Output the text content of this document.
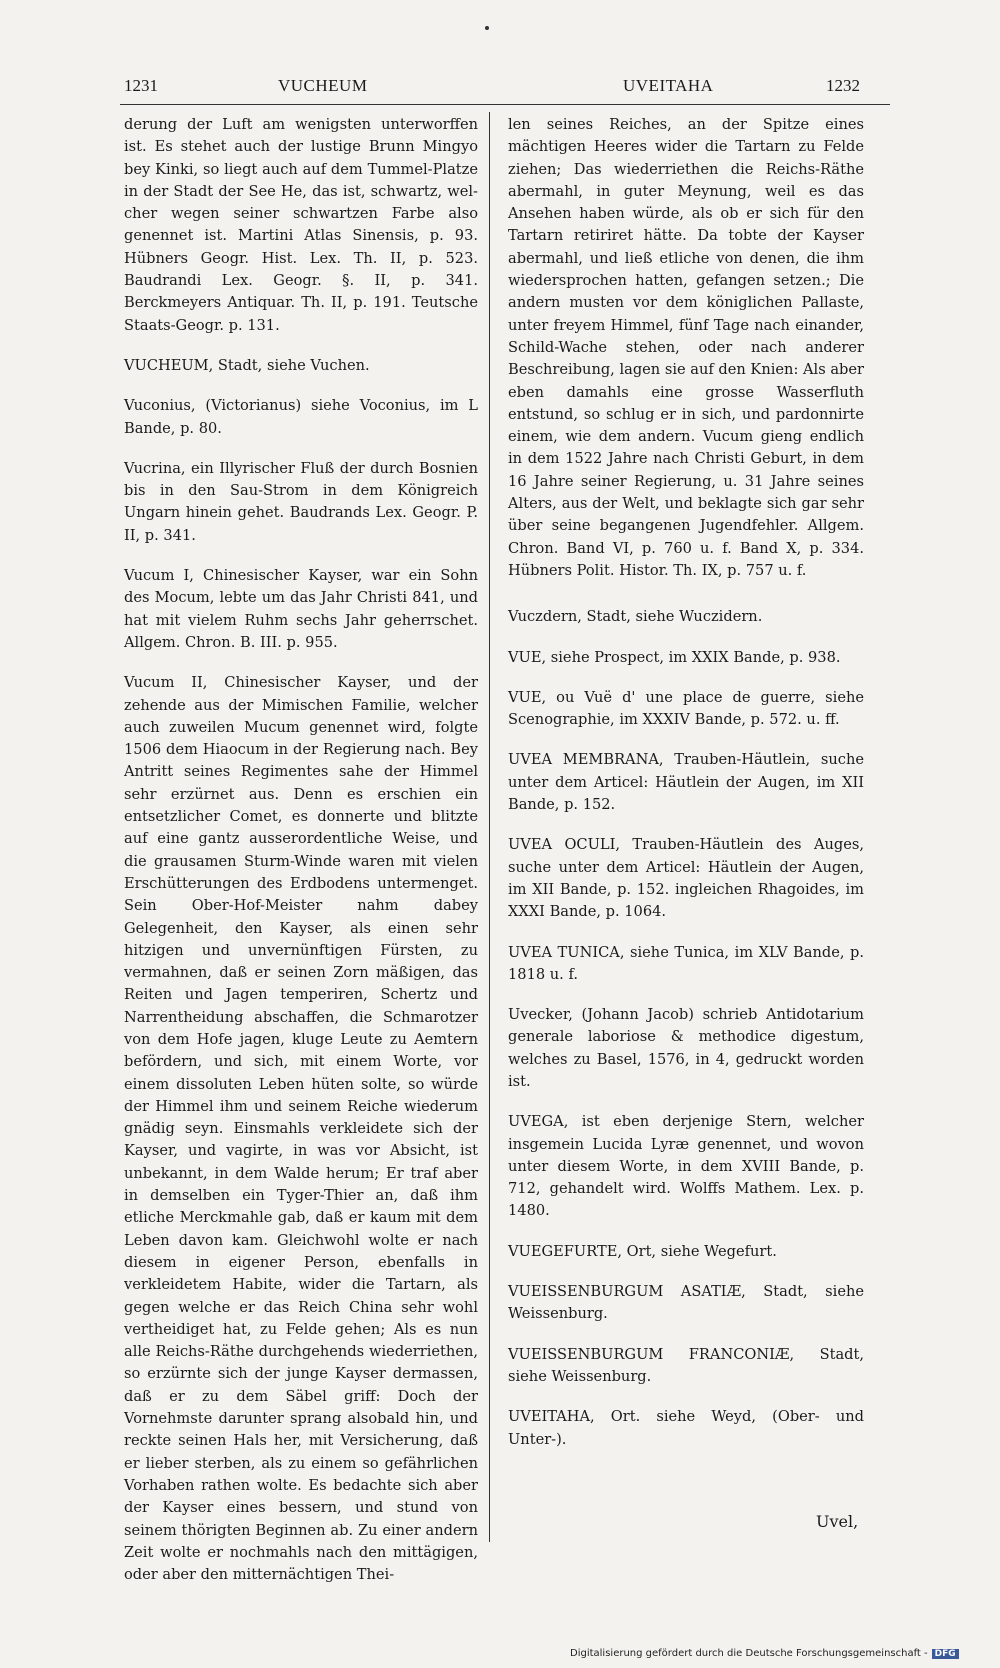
1231	VUCHEUM	UVEITAHA	1232

derung der Luft am wenigsten unterworffen ist. Es stehet auch der lustige Brunn Mingyo bey Kinki, so liegt auch auf dem Tummel-Platze in der Stadt der See He, das ist, schwartz, wel-cher wegen seiner schwartzen Farbe also genennet ist. Martini Atlas Sinensis, p. 93. Hübners Geogr. Hist. Lex. Th. II, p. 523. Baudrandi Lex. Geogr. §. II, p. 341. Berckmeyers Antiquar. Th. II, p. 191. Teutsche Staats-Geogr. p. 131.

VUCHEUM, Stadt, siehe Vuchen.

Vuconius, (Victorianus) siehe Voconius, im L Bande, p. 80.

Vucrina, ein Illyrischer Fluß der durch Bosnien bis in den Sau-Strom in dem Königreich Ungarn hinein gehet. Baudrands Lex. Geogr. P. II, p. 341.

Vucum I, Chinesischer Kayser, war ein Sohn des Mocum, lebte um das Jahr Christi 841, und hat mit vielem Ruhm sechs Jahr geherrschet. Allgem. Chron. B. III. p. 955.

Vucum II, Chinesischer Kayser, und der zehende aus der Mimischen Familie, welcher auch zuweilen Mucum genennet wird, folgte 1506 dem Hiaocum in der Regierung nach. Bey Antritt seines Regimentes sahe der Himmel sehr erzürnet aus. Denn es erschien ein entsetzlicher Comet, es donnerte und blitzte auf eine gantz ausserordentliche Weise, und die grausamen Sturm-Winde waren mit vielen Erschütterungen des Erdbodens untermenget. Sein Ober-Hof-Meister nahm dabey Gelegenheit, den Kayser, als einen sehr hitzigen und unvernünftigen Fürsten, zu vermahnen, daß er seinen Zorn mäßigen, das Reiten und Jagen temperiren, Schertz und Narrentheidung abschaffen, die Schmarotzer von dem Hofe jagen, kluge Leute zu Aemtern befördern, und sich, mit einem Worte, vor einem dissoluten Leben hüten solte, so würde der Himmel ihm und seinem Reiche wiederum gnädig seyn. Einsmahls verkleidete sich der Kayser, und vagirte, in was vor Absicht, ist unbekannt, in dem Walde herum; Er traf aber in demselben ein Tyger-Thier an, daß ihm etliche Merckmahle gab, daß er kaum mit dem Leben davon kam. Gleichwohl wolte er nach diesem in eigener Person, ebenfalls in verkleidetem Habite, wider die Tartarn, als gegen welche er das Reich China sehr wohl vertheidiget hat, zu Felde gehen; Als es nun alle Reichs-Räthe durchgehends wiederriethen, so erzürnte sich der junge Kayser dermassen, daß er zu dem Säbel griff: Doch der Vornehmste darunter sprang alsobald hin, und reckte seinen Hals her, mit Versicherung, daß er lieber sterben, als zu einem so gefährlichen Vorhaben rathen wolte. Es bedachte sich aber der Kayser eines bessern, und stund von seinem thörigten Beginnen ab. Zu einer andern Zeit wolte er nochmahls nach den mittägigen, oder aber den mitternächtigen Thei-

len seines Reiches, an der Spitze eines mächtigen Heeres wider die Tartarn zu Felde ziehen; Das wiederriethen die Reichs-Räthe abermahl, in guter Meynung, weil es das Ansehen haben würde, als ob er sich für den Tartarn retiriret hätte. Da tobte der Kayser abermahl, und ließ etliche von denen, die ihm wiedersprochen hatten, gefangen setzen.; Die andern musten vor dem königlichen Pallaste, unter freyem Himmel, fünf Tage nach einander, Schild-Wache stehen, oder nach anderer Beschreibung, lagen sie auf den Knien: Als aber eben damahls eine grosse Wasserfluth entstund, so schlug er in sich, und pardonnirte einem, wie dem andern. Vucum gieng endlich in dem 1522 Jahre nach Christi Geburt, in dem 16 Jahre seiner Regierung, u. 31 Jahre seines Alters, aus der Welt, und beklagte sich gar sehr über seine begangenen Jugendfehler. Allgem. Chron. Band VI, p. 760 u. f. Band X, p. 334. Hübners Polit. Histor. Th. IX, p. 757 u. f.

Vuczdern, Stadt, siehe Wuczidern.

VUE, siehe Prospect, im XXIX Bande, p. 938.

VUE, ou Vuë d' une place de guerre, siehe Scenographie, im XXXIV Bande, p. 572. u. ff.

UVEA MEMBRANA, Trauben-Häutlein, suche unter dem Articel: Häutlein der Augen, im XII Bande, p. 152.

UVEA OCULI, Trauben-Häutlein des Auges, suche unter dem Articel: Häutlein der Augen, im XII Bande, p. 152. ingleichen Rhagoides, im XXXI Bande, p. 1064.

UVEA TUNICA, siehe Tunica, im XLV Bande, p. 1818 u. f.

Uvecker, (Johann Jacob) schrieb Antidotarium generale laboriose & methodice digestum, welches zu Basel, 1576, in 4, gedruckt worden ist.

UVEGA, ist eben derjenige Stern, welcher insgemein Lucida Lyræ genennet, und wovon unter diesem Worte, in dem XVIII Bande, p. 712, gehandelt wird. Wolffs Mathem. Lex. p. 1480.

VUEGEFURTE, Ort, siehe Wegefurt.

VUEISSENBURGUM ASATIÆ, Stadt, siehe Weissenburg.

VUEISSENBURGUM FRANCONIÆ, Stadt, siehe Weissenburg.

UVEITAHA, Ort. siehe Weyd, (Ober- und Unter-).

Uvel,
Digitalisierung gefördert durch die Deutsche Forschungsgemeinschaft - DFG
